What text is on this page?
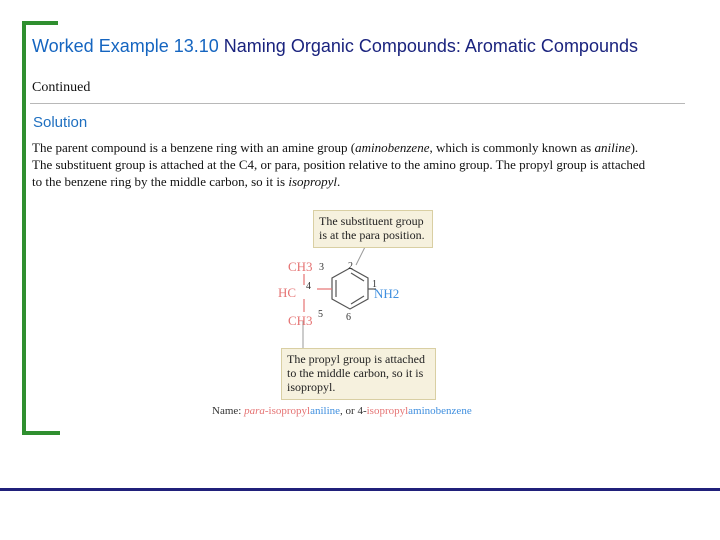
Worked Example 13.10 Naming Organic Compounds: Aromatic Compounds
Continued
Solution
The parent compound is a benzene ring with an amine group (aminobenzene, which is commonly known as aniline). The substituent group is attached at the C4, or para, position relative to the amino group. The propyl group is attached to the benzene ring by the middle carbon, so it is isopropyl.
The substituent group is at the para position.
CH3
HC
CH3
NH2
1
2
3
4
5 6
The propyl group is attached to the middle carbon, so it is isopropyl.
Name: para-isopropylaniline, or 4-isopropylaminobenzene
